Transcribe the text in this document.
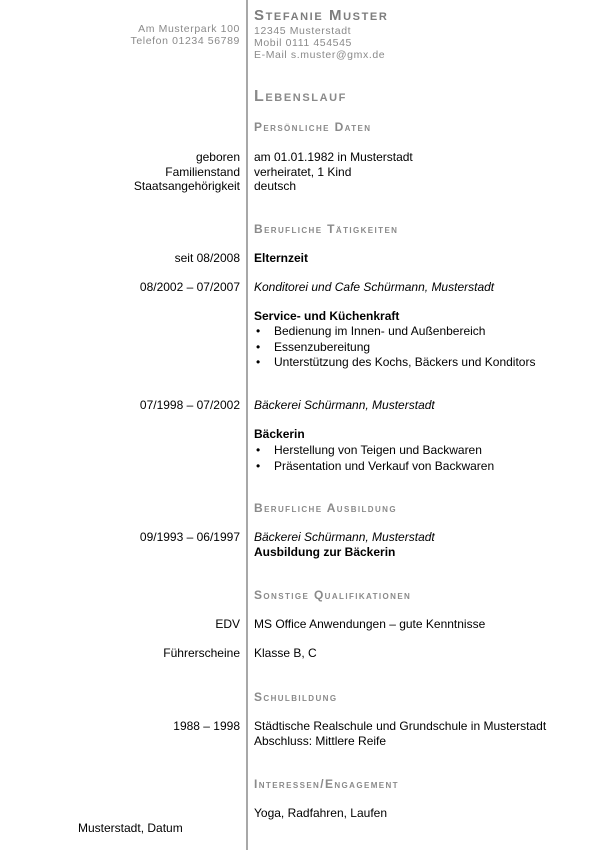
Am Musterpark 100
Telefon 01234 56789
Stefanie Muster
12345 Musterstadt
Mobil 0111 454545
E-Mail s.muster@gmx.de
Lebenslauf
Persönliche Daten
geboren
Familienstand
Staatsangehörigkeit
am 01.01.1982 in Musterstadt
verheiratet, 1 Kind
deutsch
Berufliche Tätigkeiten
seit 08/2008 Elternzeit
08/2002 – 07/2007 Konditorei und Cafe Schürmann, Musterstadt
Service- und Küchenkraft
• Bedienung im Innen- und Außenbereich
• Essenzubereitung
• Unterstützung des Kochs, Bäckers und Konditors
07/1998 – 07/2002 Bäckerei Schürmann, Musterstadt
Bäckerin
• Herstellung von Teigen und Backwaren
• Präsentation und Verkauf von Backwaren
Berufliche Ausbildung
09/1993 – 06/1997 Bäckerei Schürmann, Musterstadt
Ausbildung zur Bäckerin
Sonstige Qualifikationen
EDV MS Office Anwendungen – gute Kenntnisse
Führerscheine Klasse B, C
Schulbildung
1988 – 1998 Städtische Realschule und Grundschule in Musterstadt
Abschluss: Mittlere Reife
Interessen/Engagement
Yoga, Radfahren, Laufen
Musterstadt, Datum
